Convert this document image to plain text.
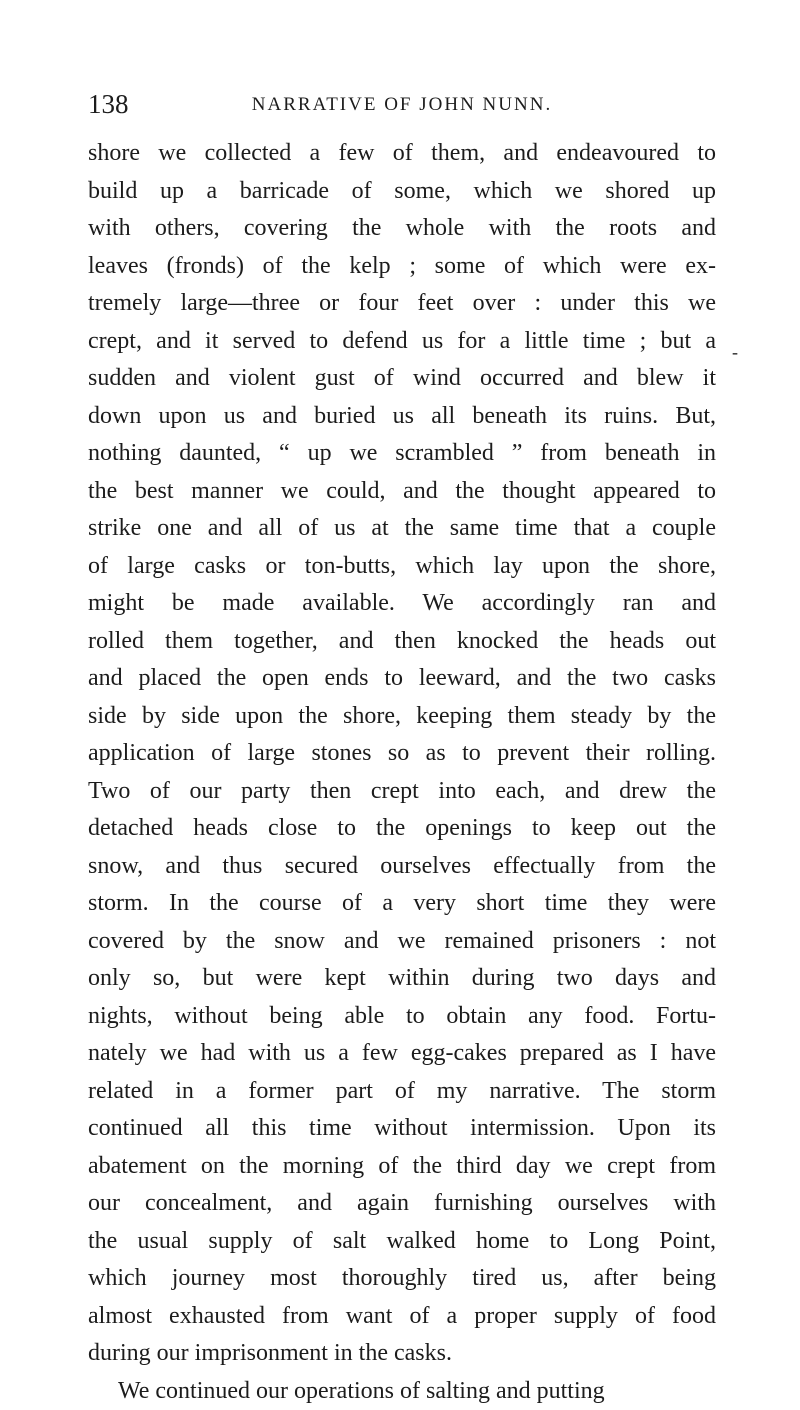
138	NARRATIVE OF JOHN NUNN.
-
shore we collected a few of them, and endeavoured to
build up a barricade of some, which we shored up
with others, covering the whole with the roots and
leaves (fronds) of the kelp ; some of which were ex-
tremely large—three or four feet over : under this we
crept, and it served to defend us for a little time ; but a
sudden and violent gust of wind occurred and blew it
down upon us and buried us all beneath its ruins. But,
nothing daunted, “ up we scrambled ” from beneath in
the best manner we could, and the thought appeared to
strike one and all of us at the same time that a couple
of large casks or ton-butts, which lay upon the shore,
might be made available. We accordingly ran and
rolled them together, and then knocked the heads out
and placed the open ends to leeward, and the two casks
side by side upon the shore, keeping them steady by the
application of large stones so as to prevent their rolling.
Two of our party then crept into each, and drew the
detached heads close to the openings to keep out the
snow, and thus secured ourselves effectually from the
storm. In the course of a very short time they were
covered by the snow and we remained prisoners : not
only so, but were kept within during two days and
nights, without being able to obtain any food. Fortu-
nately we had with us a few egg-cakes prepared as I have
related in a former part of my narrative. The storm
continued all this time without intermission. Upon its
abatement on the morning of the third day we crept from
our concealment, and again furnishing ourselves with
the usual supply of salt walked home to Long Point,
which journey most thoroughly tired us, after being
almost exhausted from want of a proper supply of food
during our imprisonment in the casks.
We continued our operations of salting and putting
